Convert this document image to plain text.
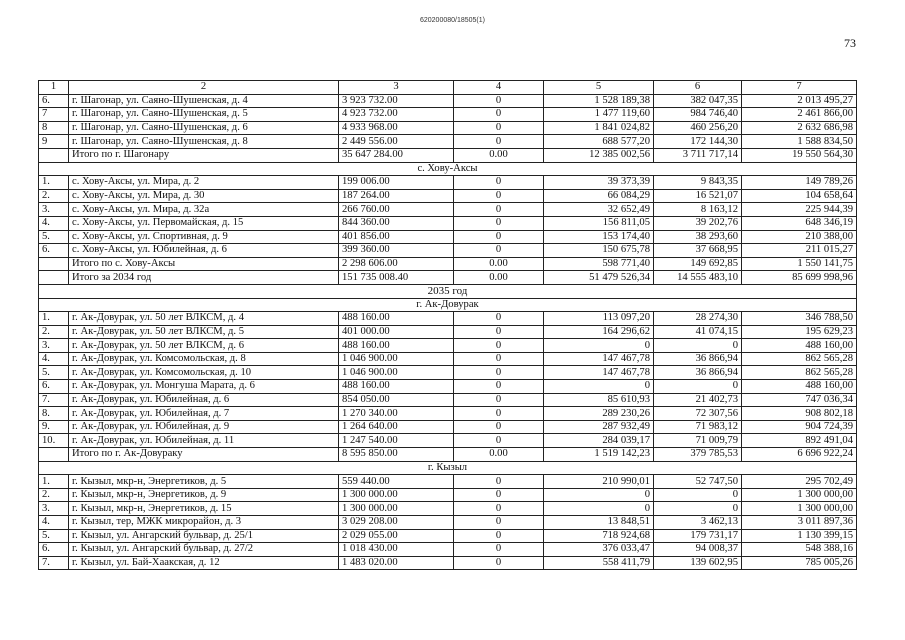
620200080/18505(1)
73
1	2	3	4	5	6	7
6.	г. Шагонар, ул. Саяно-Шушенская, д. 4	3 923 732.00	0	1 528 189,38	382 047,35	2 013 495,27
7	г. Шагонар, ул. Саяно-Шушенская, д. 5	4 923 732.00	0	1 477 119,60	984 746,40	2 461 866,00
8	г. Шагонар, ул. Саяно-Шушенская, д. 6	4 933 968.00	0	1 841 024,82	460 256,20	2 632 686,98
9	г. Шагонар, ул. Саяно-Шушенская, д. 8	2 449 556.00	0	688 577,20	172 144,30	1 588 834,50
	Итого по г. Шагонару	35 647 284.00	0.00	12 385 002,56	3 711 717,14	19 550 564,30
с. Хову-Аксы						
1.	с. Хову-Аксы, ул. Мира, д. 2	199 006.00	0	39 373,39	9 843,35	149 789,26
2.	с. Хову-Аксы, ул. Мира, д. 30	187 264.00	0	66 084,29	16 521,07	104 658,64
3.	с. Хову-Аксы, ул. Мира, д. 32а	266 760.00	0	32 652,49	8 163,12	225 944,39
4.	с. Хову-Аксы, ул. Первомайская, д. 15	844 360.00	0	156 811,05	39 202,76	648 346,19
5.	с. Хову-Аксы, ул. Спортивная, д. 9	401 856.00	0	153 174,40	38 293,60	210 388,00
6.	с. Хову-Аксы, ул. Юбилейная, д. 6	399 360.00	0	150 675,78	37 668,95	211 015,27
	Итого по с. Хову-Аксы	2 298 606.00	0.00	598 771,40	149 692,85	1 550 141,75
	Итого за 2034 год	151 735 008.40	0.00	51 479 526,34	14 555 483,10	85 699 998,96
2035 год						
г. Ак-Довурак						
1.	г. Ак-Довурак, ул. 50 лет ВЛКСМ, д. 4	488 160.00	0	113 097,20	28 274,30	346 788,50
2.	г. Ак-Довурак, ул. 50 лет ВЛКСМ, д. 5	401 000.00	0	164 296,62	41 074,15	195 629,23
3.	г. Ак-Довурак, ул. 50 лет ВЛКСМ, д. 6	488 160.00	0	0	0	488 160,00
4.	г. Ак-Довурак, ул. Комсомольская, д. 8	1 046 900.00	0	147 467,78	36 866,94	862 565,28
5.	г. Ак-Довурак, ул. Комсомольская, д. 10	1 046 900.00	0	147 467,78	36 866,94	862 565,28
6.	г. Ак-Довурак, ул. Монгуша Марата, д. 6	488 160.00	0	0	0	488 160,00
7.	г. Ак-Довурак, ул. Юбилейная, д. 6	854 050.00	0	85 610,93	21 402,73	747 036,34
8.	г. Ак-Довурак, ул. Юбилейная, д. 7	1 270 340.00	0	289 230,26	72 307,56	908 802,18
9.	г. Ак-Довурак, ул. Юбилейная, д. 9	1 264 640.00	0	287 932,49	71 983,12	904 724,39
10.	г. Ак-Довурак, ул. Юбилейная, д. 11	1 247 540.00	0	284 039,17	71 009,79	892 491,04
	Итого по г. Ак-Довураку	8 595 850.00	0.00	1 519 142,23	379 785,53	6 696 922,24
г. Кызыл						
1.	г. Кызыл, мкр-н, Энергетиков, д. 5	559 440.00	0	210 990,01	52 747,50	295 702,49
2.	г. Кызыл, мкр-н, Энергетиков, д. 9	1 300 000.00	0	0	0	1 300 000,00
3.	г. Кызыл, мкр-н, Энергетиков, д. 15	1 300 000.00	0	0	0	1 300 000,00
4.	г. Кызыл, тер, МЖК микрорайон, д. 3	3 029 208.00	0	13 848,51	3 462,13	3 011 897,36
5.	г. Кызыл, ул. Ангарский бульвар, д. 25/1	2 029 055.00	0	718 924,68	179 731,17	1 130 399,15
6.	г. Кызыл, ул. Ангарский бульвар, д. 27/2	1 018 430.00	0	376 033,47	94 008,37	548 388,16
7.	г. Кызыл, ул. Бай-Хаакская, д. 12	1 483 020.00	0	558 411,79	139 602,95	785 005,26
